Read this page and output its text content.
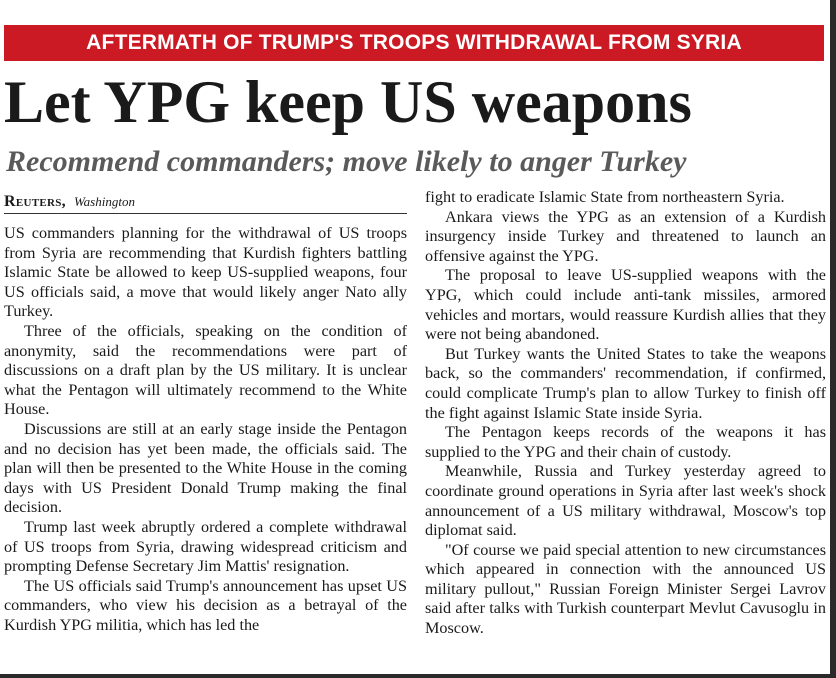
AFTERMATH OF TRUMP'S TROOPS WITHDRAWAL FROM SYRIA
Let YPG keep US weapons
Recommend commanders; move likely to anger Turkey
Reuters, Washington

US commanders planning for the withdrawal of US troops from Syria are recommending that Kurdish fighters battling Islamic State be allowed to keep US-supplied weapons, four US officials said, a move that would likely anger Nato ally Turkey.

Three of the officials, speaking on the condition of anonymity, said the recommendations were part of discussions on a draft plan by the US military. It is unclear what the Pentagon will ultimately recommend to the White House.

Discussions are still at an early stage inside the Pentagon and no decision has yet been made, the officials said. The plan will then be presented to the White House in the coming days with US President Donald Trump making the final decision.

Trump last week abruptly ordered a complete withdrawal of US troops from Syria, drawing widespread criticism and prompting Defense Secretary Jim Mattis' resignation.

The US officials said Trump's announcement has upset US commanders, who view his decision as a betrayal of the Kurdish YPG militia, which has led the

fight to eradicate Islamic State from northeastern Syria.

Ankara views the YPG as an extension of a Kurdish insurgency inside Turkey and threatened to launch an offensive against the YPG.

The proposal to leave US-supplied weapons with the YPG, which could include anti-tank missiles, armored vehicles and mortars, would reassure Kurdish allies that they were not being abandoned.

But Turkey wants the United States to take the weapons back, so the commanders' recommendation, if confirmed, could complicate Trump's plan to allow Turkey to finish off the fight against Islamic State inside Syria.

The Pentagon keeps records of the weapons it has supplied to the YPG and their chain of custody.

Meanwhile, Russia and Turkey yesterday agreed to coordinate ground operations in Syria after last week's shock announcement of a US military withdrawal, Moscow's top diplomat said.

"Of course we paid special attention to new circumstances which appeared in connection with the announced US military pullout," Russian Foreign Minister Sergei Lavrov said after talks with Turkish counterpart Mevlut Cavusoglu in Moscow.
